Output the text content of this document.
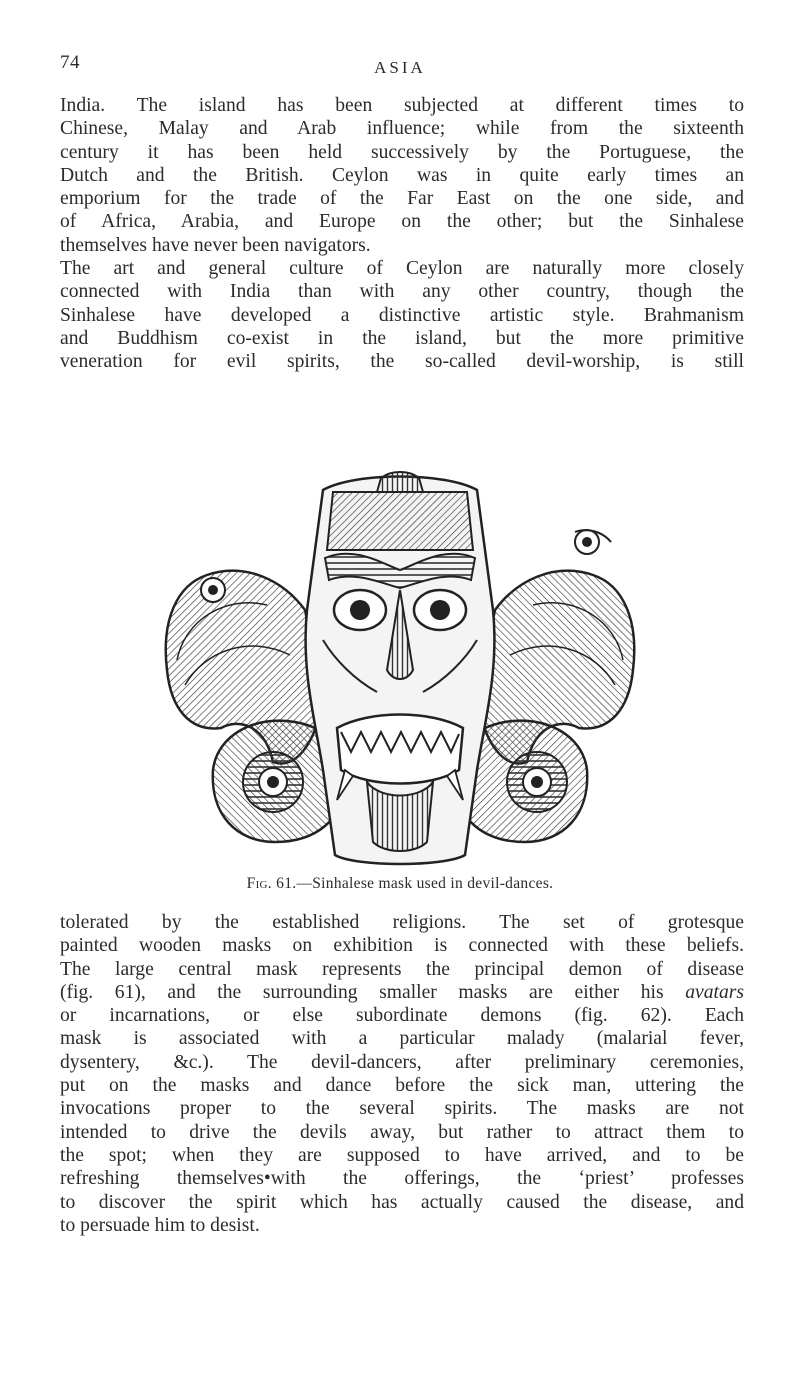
74	ASIA

India. The island has been subjected at different times to
Chinese, Malay and Arab influence; while from the sixteenth
century it has been held successively by the Portuguese, the
Dutch and the British. Ceylon was in quite early times an
emporium for the trade of the Far East on the one side, and
of Africa, Arabia, and Europe on the other; but the Sinhalese
themselves have never been navigators.
The art and general culture of Ceylon are naturally more closely
connected with India than with any other country, though the
Sinhalese have developed a distinctive artistic style. Brahmanism
and Buddhism co-exist in the island, but the more primitive
veneration for evil spirits, the so-called devil-worship, is still

Fig. 61.—Sinhalese mask used in devil-dances.

tolerated by the established religions. The set of grotesque
painted wooden masks on exhibition is connected with these beliefs.
The large central mask represents the principal demon of disease
(fig. 61), and the surrounding smaller masks are either his avatars
or incarnations, or else subordinate demons (fig. 62). Each
mask is associated with a particular malady (malarial fever,
dysentery, &c.). The devil-dancers, after preliminary ceremonies,
put on the masks and dance before the sick man, uttering the
invocations proper to the several spirits. The masks are not
intended to drive the devils away, but rather to attract them to
the spot; when they are supposed to have arrived, and to be
refreshing themselves•with the offerings, the ‘priest’ professes
to discover the spirit which has actually caused the disease, and
to persuade him to desist.
